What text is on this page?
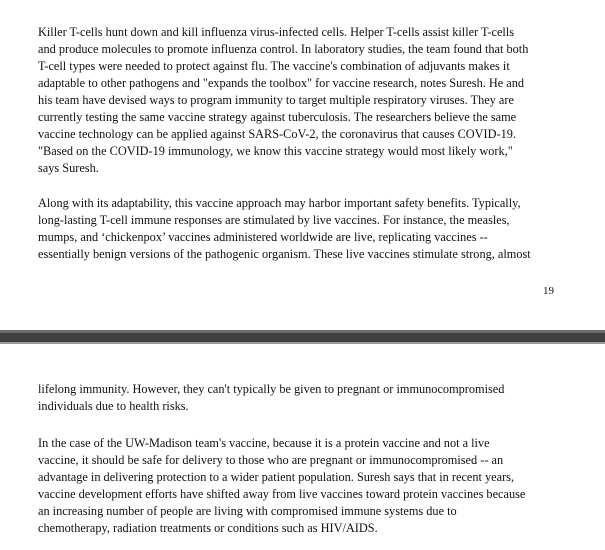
Killer T-cells hunt down and kill influenza virus-infected cells. Helper T-cells assist killer T-cells
and produce molecules to promote influenza control. In laboratory studies, the team found that both
T-cell types were needed to protect against flu. The vaccine's combination of adjuvants makes it
adaptable to other pathogens and "expands the toolbox" for vaccine research, notes Suresh. He and
his team have devised ways to program immunity to target multiple respiratory viruses. They are
currently testing the same vaccine strategy against tuberculosis. The researchers believe the same
vaccine technology can be applied against SARS-CoV-2, the coronavirus that causes COVID-19.
"Based on the COVID-19 immunology, we know this vaccine strategy would most likely work,"
says Suresh.

Along with its adaptability, this vaccine approach may harbor important safety benefits. Typically,
long-lasting T-cell immune responses are stimulated by live vaccines. For instance, the measles,
mumps, and ‘chickenpox’ vaccines administered worldwide are live, replicating vaccines --
essentially benign versions of the pathogenic organism. These live vaccines stimulate strong, almost

19

lifelong immunity. However, they can't typically be given to pregnant or immunocompromised
individuals due to health risks.

In the case of the UW-Madison team's vaccine, because it is a protein vaccine and not a live
vaccine, it should be safe for delivery to those who are pregnant or immunocompromised -- an
advantage in delivering protection to a wider patient population. Suresh says that in recent years,
vaccine development efforts have shifted away from live vaccines toward protein vaccines because
an increasing number of people are living with compromised immune systems due to
chemotherapy, radiation treatments or conditions such as HIV/AIDS.
